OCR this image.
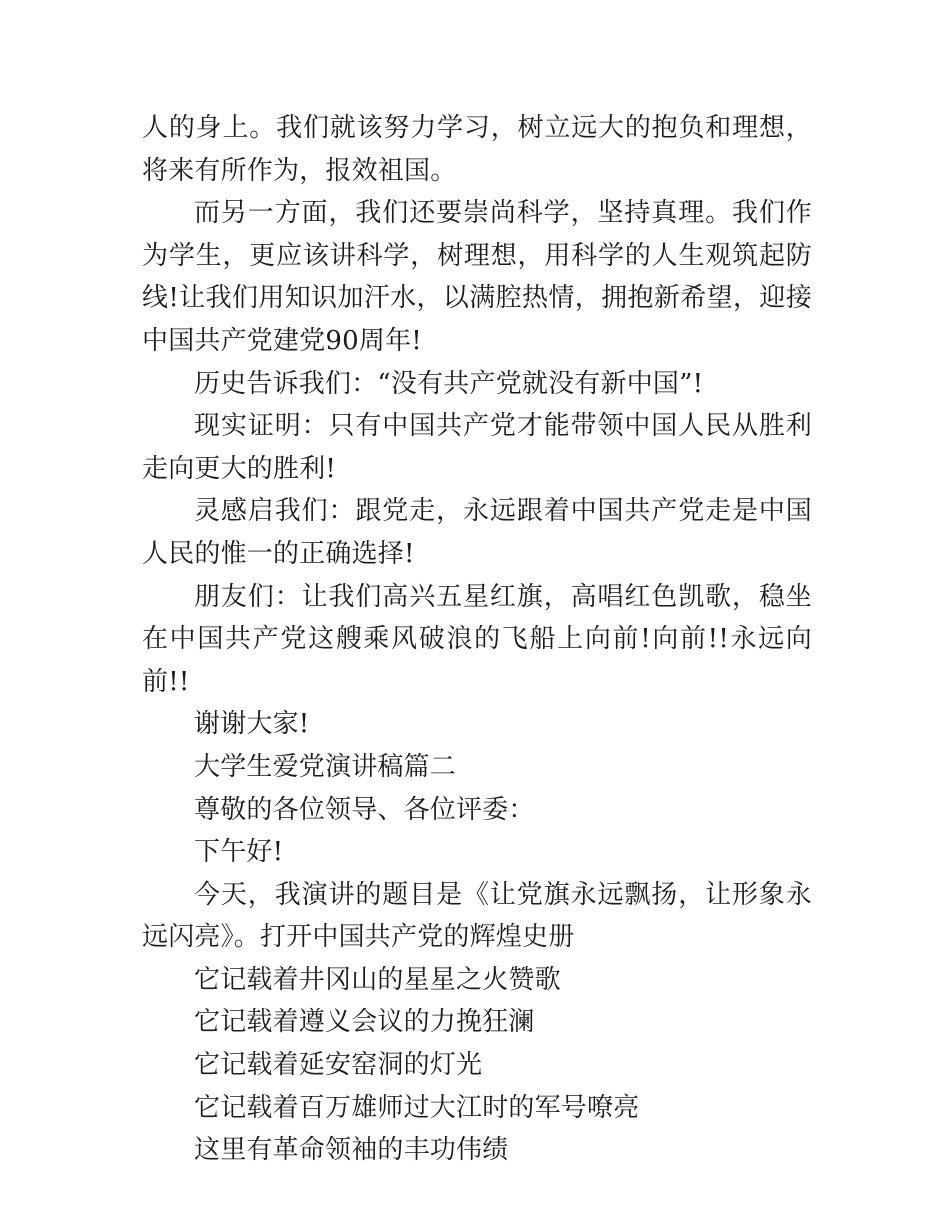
人的身上。我们就该努力学习，树立远大的抱负和理想，将来有所作为，报效祖国。

而另一方面，我们还要崇尚科学，坚持真理。我们作为学生，更应该讲科学，树理想，用科学的人生观筑起防线!让我们用知识加汗水，以满腔热情，拥抱新希望，迎接中国共产党建党90周年!

历史告诉我们：“没有共产党就没有新中国”!

现实证明：只有中国共产党才能带领中国人民从胜利走向更大的胜利!

灵感启我们：跟党走，永远跟着中国共产党走是中国人民的惟一的正确选择!

朋友们：让我们高兴五星红旗，高唱红色凯歌，稳坐在中国共产党这艘乘风破浪的飞船上向前!向前!!永远向前!!

谢谢大家!

大学生爱党演讲稿篇二

尊敬的各位领导、各位评委：

下午好!

今天，我演讲的题目是《让党旗永远飘扬，让形象永远闪亮》。打开中国共产党的辉煌史册

它记载着井冈山的星星之火赞歌

它记载着遵义会议的力挽狂澜

它记载着延安窑洞的灯光

它记载着百万雄师过大江时的军号嘹亮

这里有革命领袖的丰功伟绩
